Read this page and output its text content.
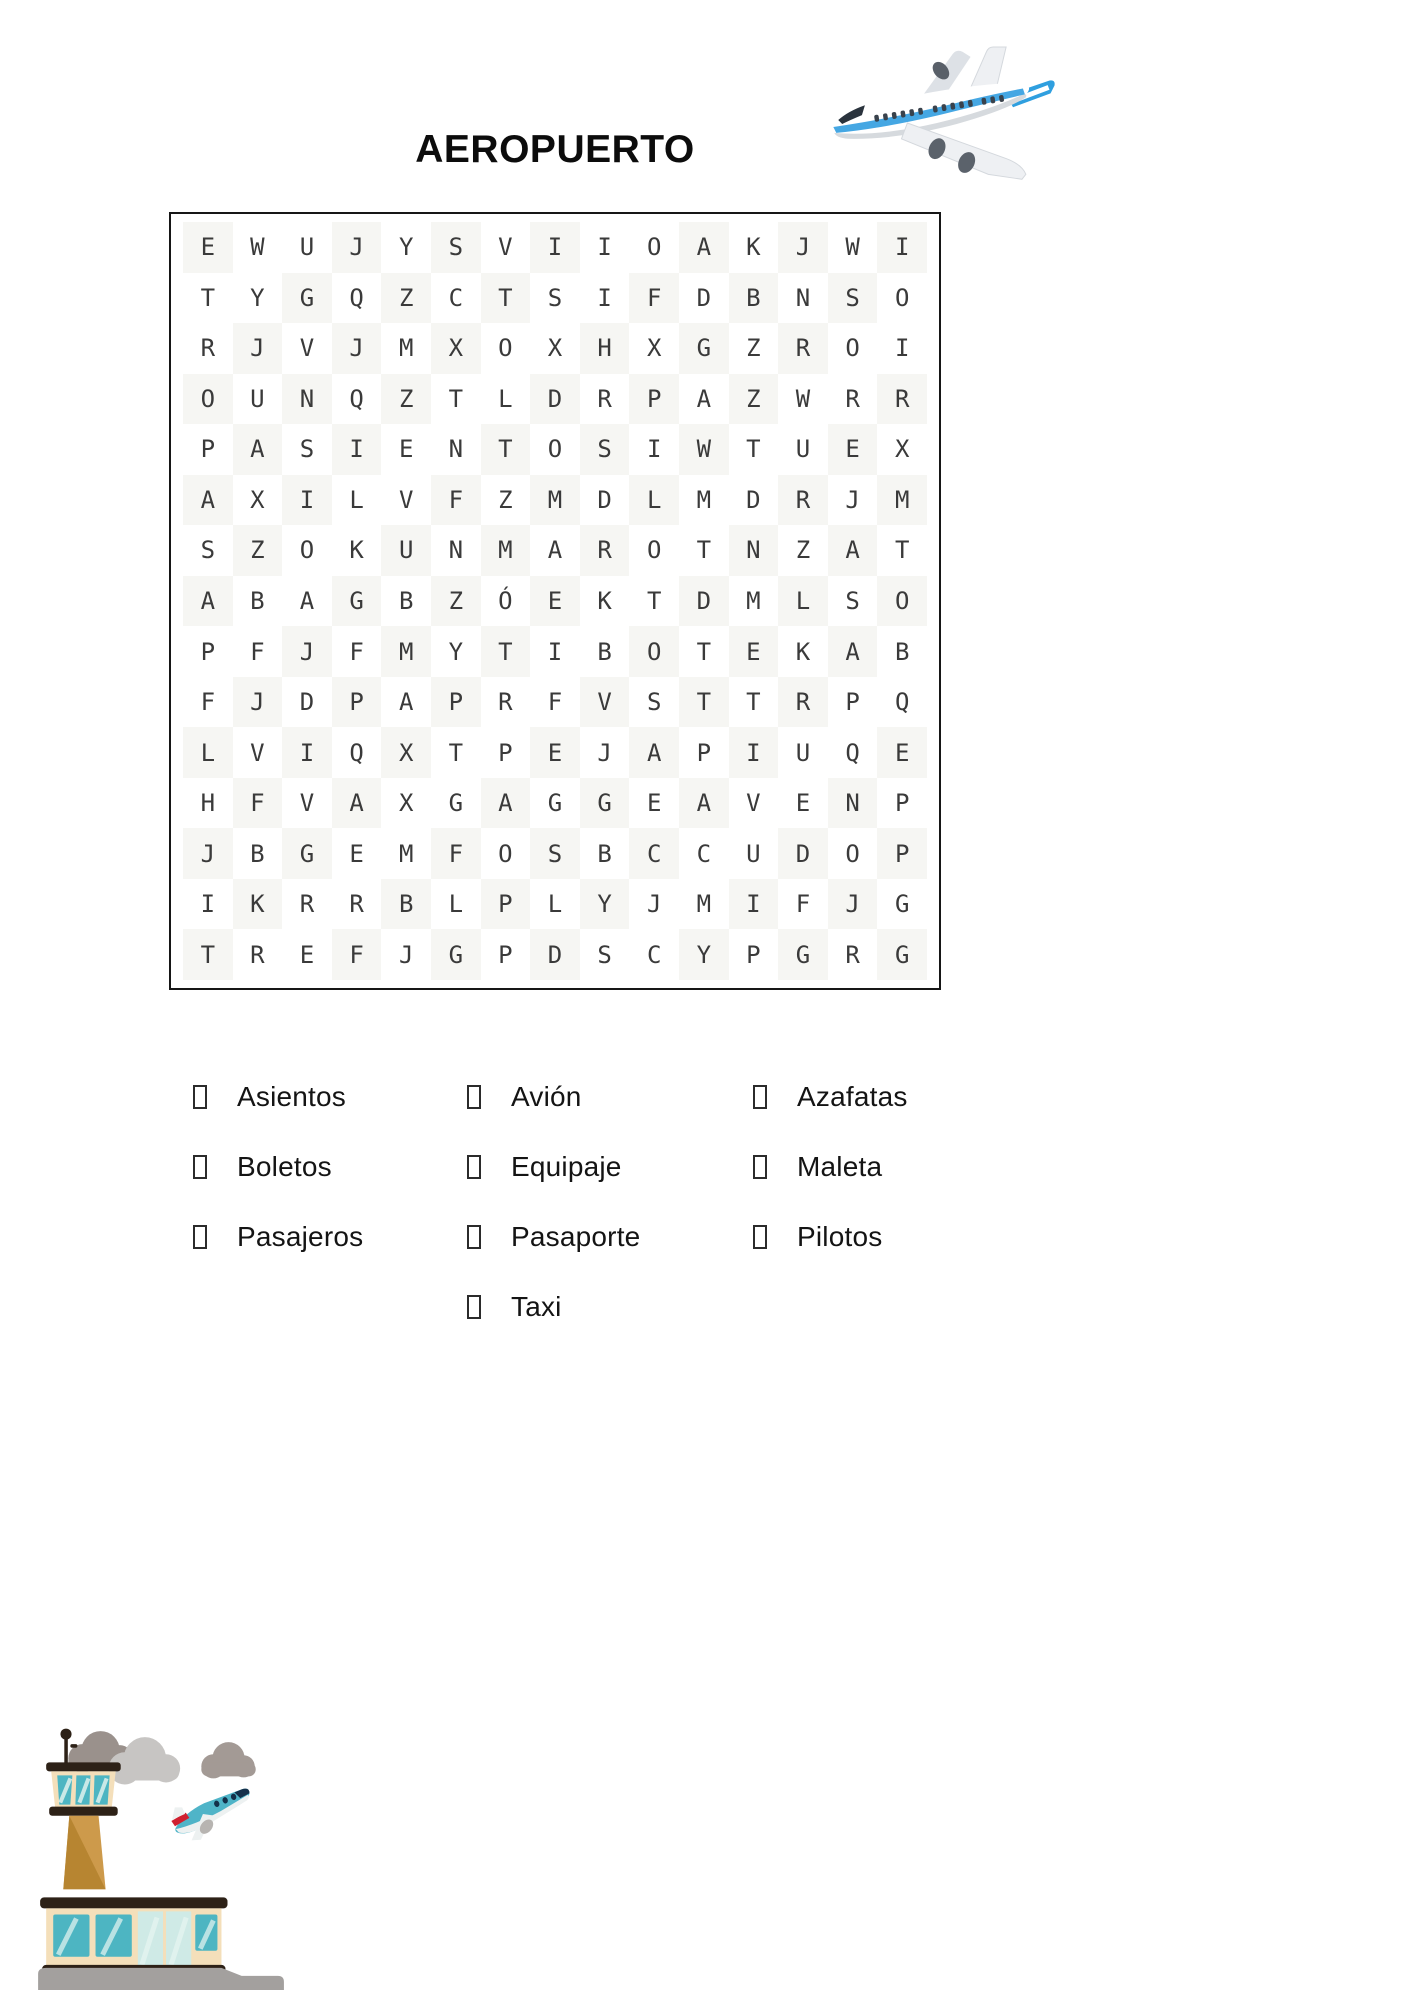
AEROPUERTO
E	W	U	J	Y	S	V	I	I	O	A	K	J	W	I
T	Y	G	Q	Z	C	T	S	I	F	D	B	N	S	O
R	J	V	J	M	X	O	X	H	X	G	Z	R	O	I
O	U	N	Q	Z	T	L	D	R	P	A	Z	W	R	R
P	A	S	I	E	N	T	O	S	I	W	T	U	E	X
A	X	I	L	V	F	Z	M	D	L	M	D	R	J	M
S	Z	O	K	U	N	M	A	R	O	T	N	Z	A	T
A	B	A	G	B	Z	Ó	E	K	T	D	M	L	S	O
P	F	J	F	M	Y	T	I	B	O	T	E	K	A	B
F	J	D	P	A	P	R	F	V	S	T	T	R	P	Q
L	V	I	Q	X	T	P	E	J	A	P	I	U	Q	E
H	F	V	A	X	G	A	G	G	E	A	V	E	N	P
J	B	G	E	M	F	O	S	B	C	C	U	D	O	P
I	K	R	R	B	L	P	L	Y	J	M	I	F	J	G
T	R	E	F	J	G	P	D	S	C	Y	P	G	R	G
Asientos
Boletos
Pasajeros
Avión
Equipaje
Pasaporte
Taxi
Azafatas
Maleta
Pilotos
